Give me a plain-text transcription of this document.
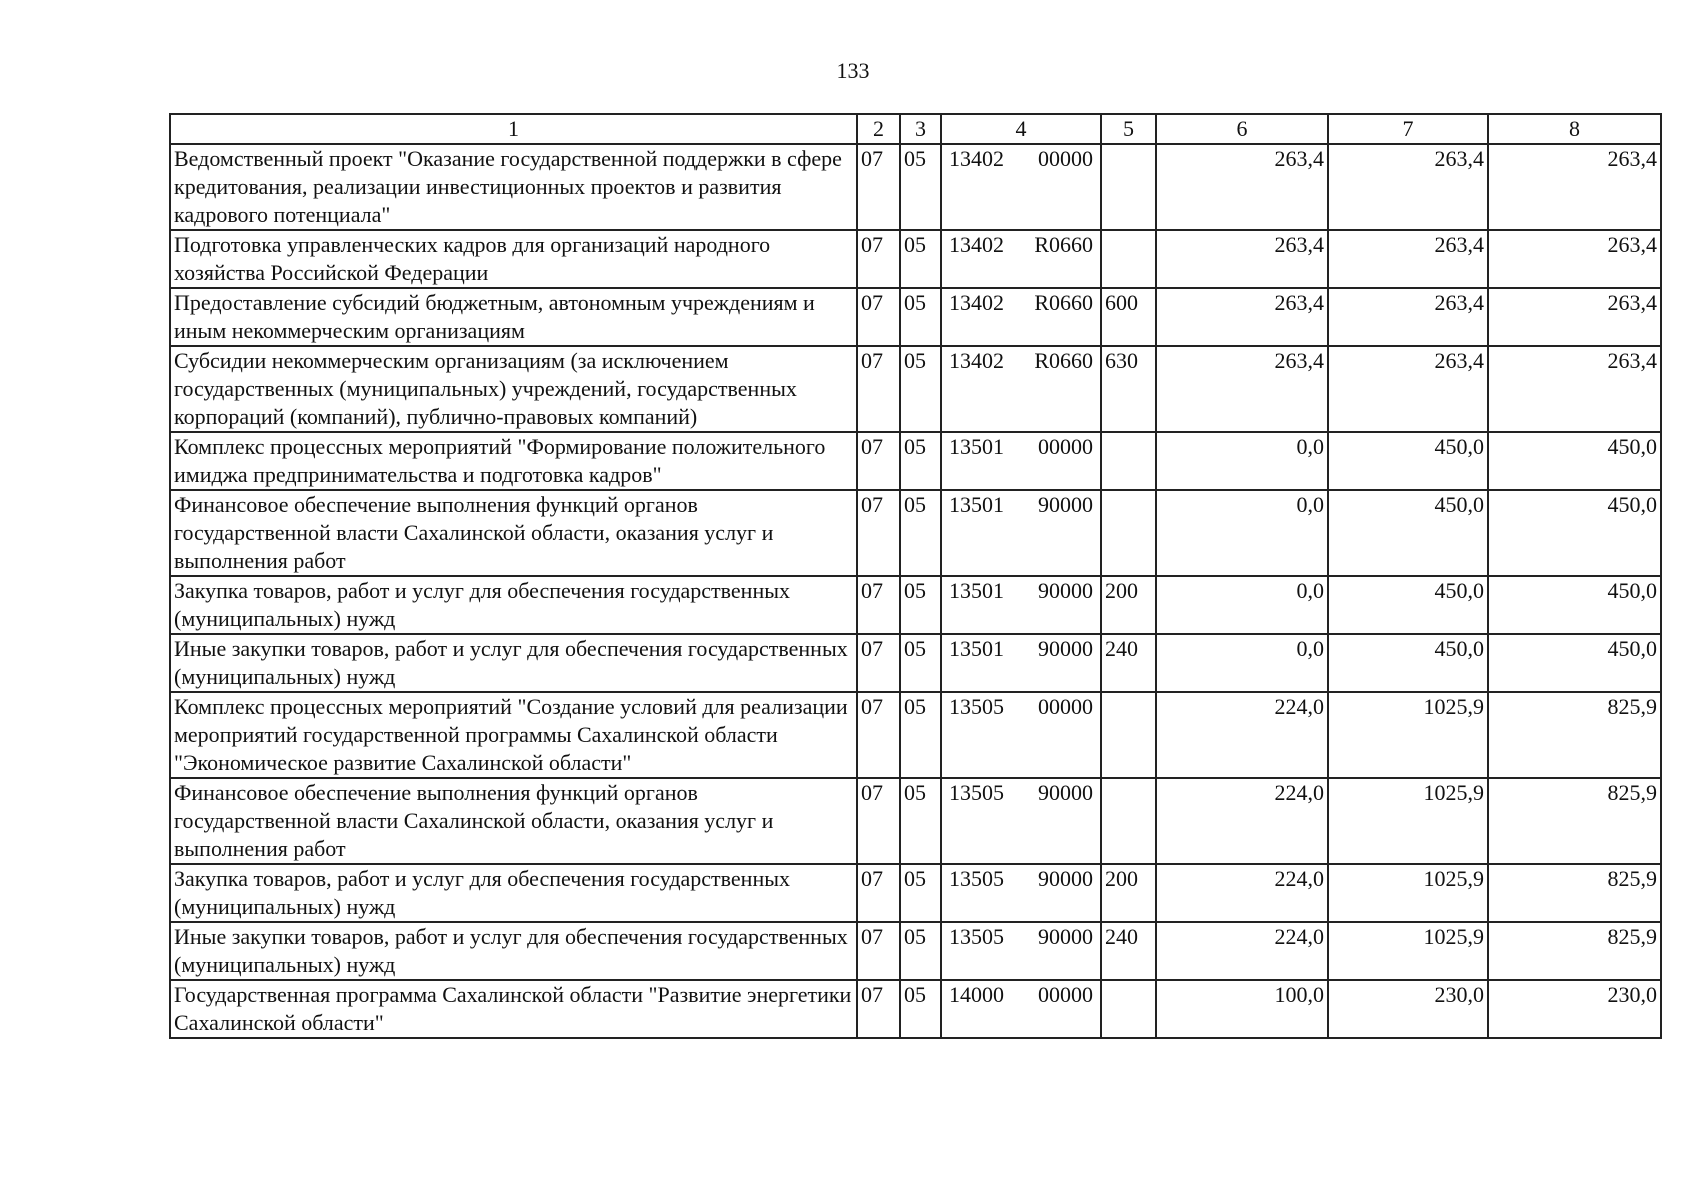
133
1	2	3	4	5	6	7	8
Ведомственный проект "Оказание государственной поддержки в сфере кредитования, реализации инвестиционных проектов и развития кадрового потенциала"	07	05	13402 00000		263,4	263,4	263,4
Подготовка управленческих кадров для организаций народного хозяйства Российской Федерации	07	05	13402 R0660		263,4	263,4	263,4
Предоставление субсидий бюджетным, автономным учреждениям и иным некоммерческим организациям	07	05	13402 R0660	600	263,4	263,4	263,4
Субсидии некоммерческим организациям (за исключением государственных (муниципальных) учреждений, государственных корпораций (компаний), публично-правовых компаний)	07	05	13402 R0660	630	263,4	263,4	263,4
Комплекс процессных мероприятий "Формирование положительного имиджа предпринимательства и подготовка кадров"	07	05	13501 00000		0,0	450,0	450,0
Финансовое обеспечение выполнения функций органов государственной власти Сахалинской области, оказания услуг и выполнения работ	07	05	13501 90000		0,0	450,0	450,0
Закупка товаров, работ и услуг для обеспечения государственных (муниципальных) нужд	07	05	13501 90000	200	0,0	450,0	450,0
Иные закупки товаров, работ и услуг для обеспечения государственных (муниципальных) нужд	07	05	13501 90000	240	0,0	450,0	450,0
Комплекс процессных мероприятий "Создание условий для реализации мероприятий государственной программы Сахалинской области "Экономическое развитие Сахалинской области"	07	05	13505 00000		224,0	1025,9	825,9
Финансовое обеспечение выполнения функций органов государственной власти Сахалинской области, оказания услуг и выполнения работ	07	05	13505 90000		224,0	1025,9	825,9
Закупка товаров, работ и услуг для обеспечения государственных (муниципальных) нужд	07	05	13505 90000	200	224,0	1025,9	825,9
Иные закупки товаров, работ и услуг для обеспечения государственных (муниципальных) нужд	07	05	13505 90000	240	224,0	1025,9	825,9
Государственная программа Сахалинской области "Развитие энергетики Сахалинской области"	07	05	14000 00000		100,0	230,0	230,0
